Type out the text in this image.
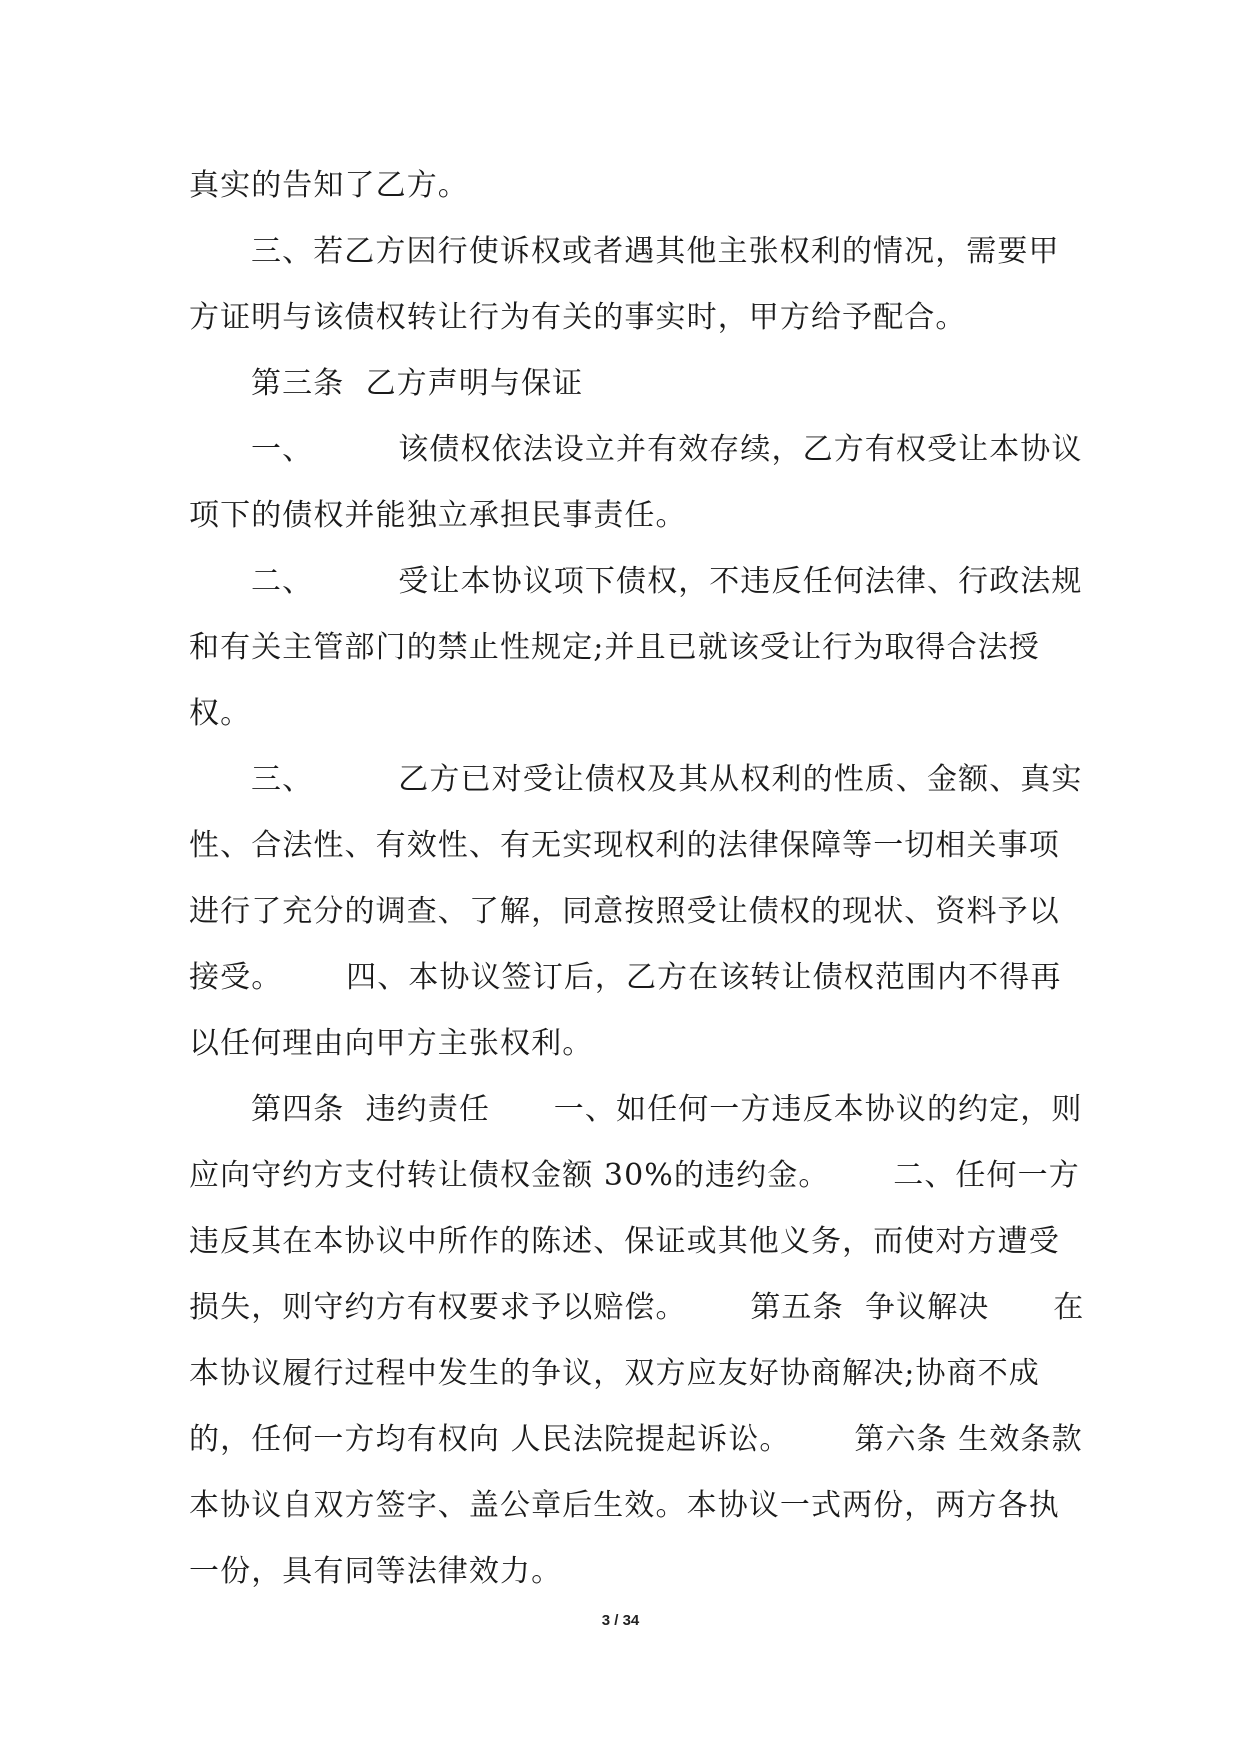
真实的告知了乙方。
三、若乙方因行使诉权或者遇其他主张权利的情况，需要甲
方证明与该债权转让行为有关的事实时，甲方给予配合。
第三条  乙方声明与保证
一、        该债权依法设立并有效存续，乙方有权受让本协议
项下的债权并能独立承担民事责任。
二、        受让本协议项下债权，不违反任何法律、行政法规
和有关主管部门的禁止性规定;并且已就该受让行为取得合法授
权。
三、        乙方已对受让债权及其从权利的性质、金额、真实
性、合法性、有效性、有无实现权利的法律保障等一切相关事项
进行了充分的调查、了解，同意按照受让债权的现状、资料予以
接受。      四、本协议签订后，乙方在该转让债权范围内不得再
以任何理由向甲方主张权利。
第四条  违约责任      一、如任何一方违反本协议的约定，则
应向守约方支付转让债权金额 30%的违约金。      二、任何一方
违反其在本协议中所作的陈述、保证或其他义务，而使对方遭受
损失，则守约方有权要求予以赔偿。      第五条  争议解决      在
本协议履行过程中发生的争议，双方应友好协商解决;协商不成
的，任何一方均有权向 人民法院提起诉讼。      第六条 生效条款
本协议自双方签字、盖公章后生效。本协议一式两份，两方各执
一份，具有同等法律效力。
3 / 34
